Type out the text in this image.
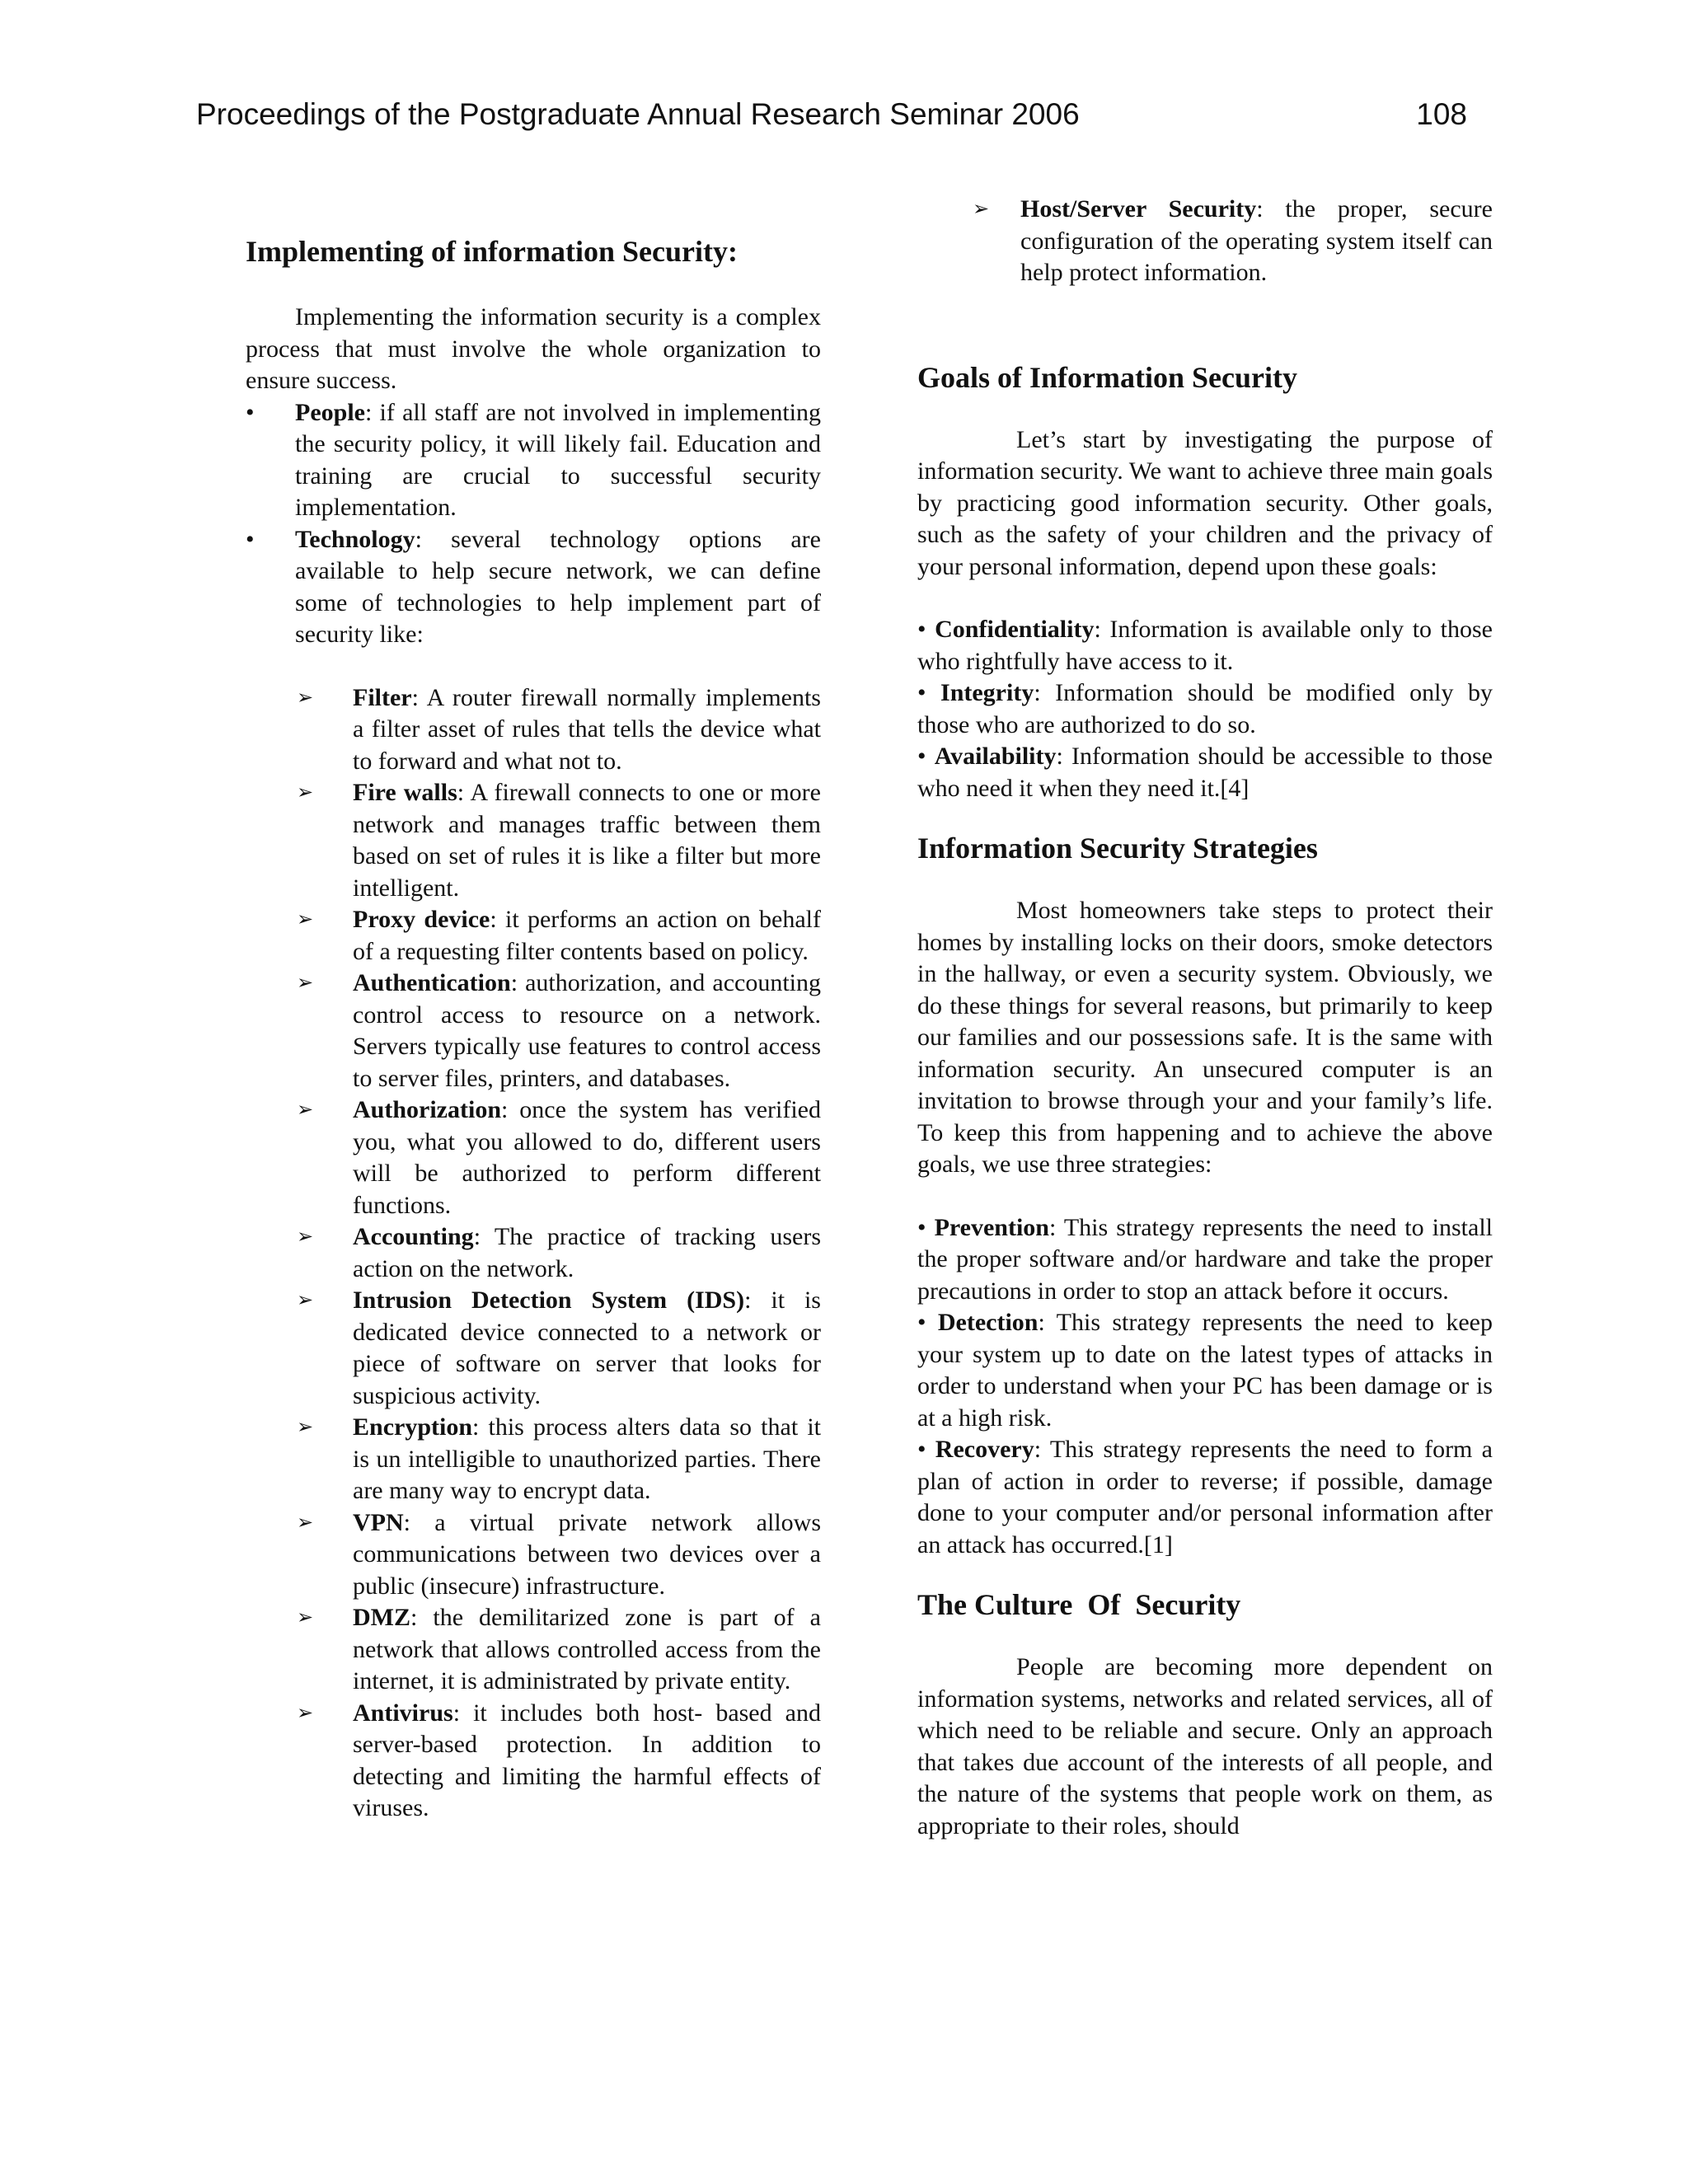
Proceedings of the Postgraduate Annual Research Seminar 2006	108
Implementing of information Security:

Implementing the information security is a complex process that must involve the whole organization to ensure success.

• People: if all staff are not involved in implementing the security policy, it will likely fail. Education and training are crucial to successful security implementation.
• Technology: several technology options are available to help secure network, we can define some of technologies to help implement part of security like:
➢ Filter: A router firewall normally implements a filter asset of rules that tells the device what to forward and what not to.
➢ Fire walls: A firewall connects to one or more network and manages traffic between them based on set of rules it is like a filter but more intelligent.
➢ Proxy device: it performs an action on behalf of a requesting filter contents based on policy.
➢ Authentication: authorization, and accounting control access to resource on a network. Servers typically use features to control access to server files, printers, and databases.
➢ Authorization: once the system has verified you, what you allowed to do, different users will be authorized to perform different functions.
➢ Accounting: The practice of tracking users action on the network.
➢ Intrusion Detection System (IDS): it is dedicated device connected to a network or piece of software on server that looks for suspicious activity.
➢ Encryption: this process alters data so that it is un intelligible to unauthorized parties. There are many way to encrypt data.
➢ VPN: a virtual private network allows communications between two devices over a public (insecure) infrastructure.
➢ DMZ: the demilitarized zone is part of a network that allows controlled access from the internet, it is administrated by private entity.
➢ Antivirus: it includes both host- based and server-based protection. In addition to detecting and limiting the harmful effects of viruses.
➢ Host/Server Security: the proper, secure configuration of the operating system itself can help protect information.
Goals of Information Security

Let’s start by investigating the purpose of information security. We want to achieve three main goals by practicing good information security. Other goals, such as the safety of your children and the privacy of your personal information, depend upon these goals:

• Confidentiality: Information is available only to those who rightfully have access to it.

• Integrity: Information should be modified only by those who are authorized to do so.

• Availability: Information should be accessible to those who need it when they need it.[4]

Information Security Strategies

Most homeowners take steps to protect their homes by installing locks on their doors, smoke detectors in the hallway, or even a security system. Obviously, we do these things for several reasons, but primarily to keep our families and our possessions safe. It is the same with information security. An unsecured computer is an invitation to browse through your and your family’s life. To keep this from happening and to achieve the above goals, we use three strategies:

• Prevention: This strategy represents the need to install the proper software and/or hardware and take the proper precautions in order to stop an attack before it occurs.

• Detection: This strategy represents the need to keep your system up to date on the latest types of attacks in order to understand when your PC has been damage or is at a high risk.

• Recovery: This strategy represents the need to form a plan of action in order to reverse; if possible, damage done to your computer and/or personal information after an attack has occurred.[1]

The Culture  Of  Security

People are becoming more dependent on information systems, networks and related services, all of which need to be reliable and secure. Only an approach that takes due account of the interests of all people, and the nature of the systems that people work on them, as appropriate to their roles, should
